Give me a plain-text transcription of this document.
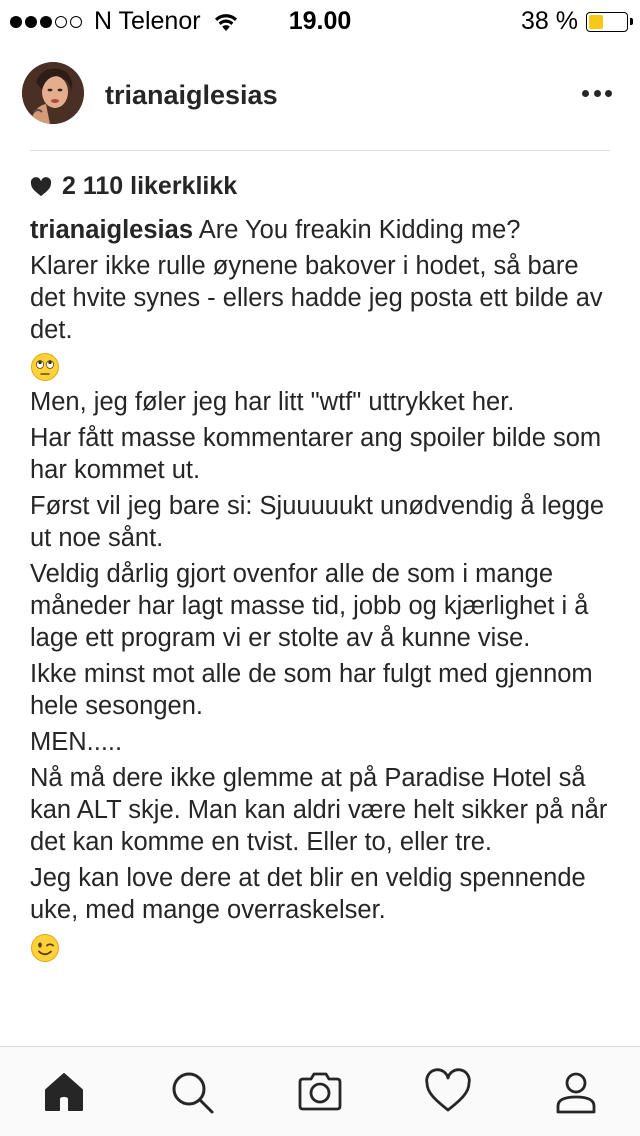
N Telenor	19.00	38 %
trianaiglesias
2 110 likerklikk

trianaiglesias Are You freakin Kidding me?

Klarer ikke rulle øynene bakover i hodet, så bare det hvite synes - ellers hadde jeg posta ett bilde av det.

Men, jeg føler jeg har litt "wtf" uttrykket her.

Har fått masse kommentarer ang spoiler bilde som har kommet ut.

Først vil jeg bare si: Sjuuuuukt unødvendig å legge ut noe sånt.

Veldig dårlig gjort ovenfor alle de som i mange måneder har lagt masse tid, jobb og kjærlighet i å lage ett program vi er stolte av å kunne vise.

Ikke minst mot alle de som har fulgt med gjennom hele sesongen.

MEN.....

Nå må dere ikke glemme at på Paradise Hotel så kan ALT skje. Man kan aldri være helt sikker på når det kan komme en tvist. Eller to, eller tre.

Jeg kan love dere at det blir en veldig spennende uke, med mange overraskelser.
